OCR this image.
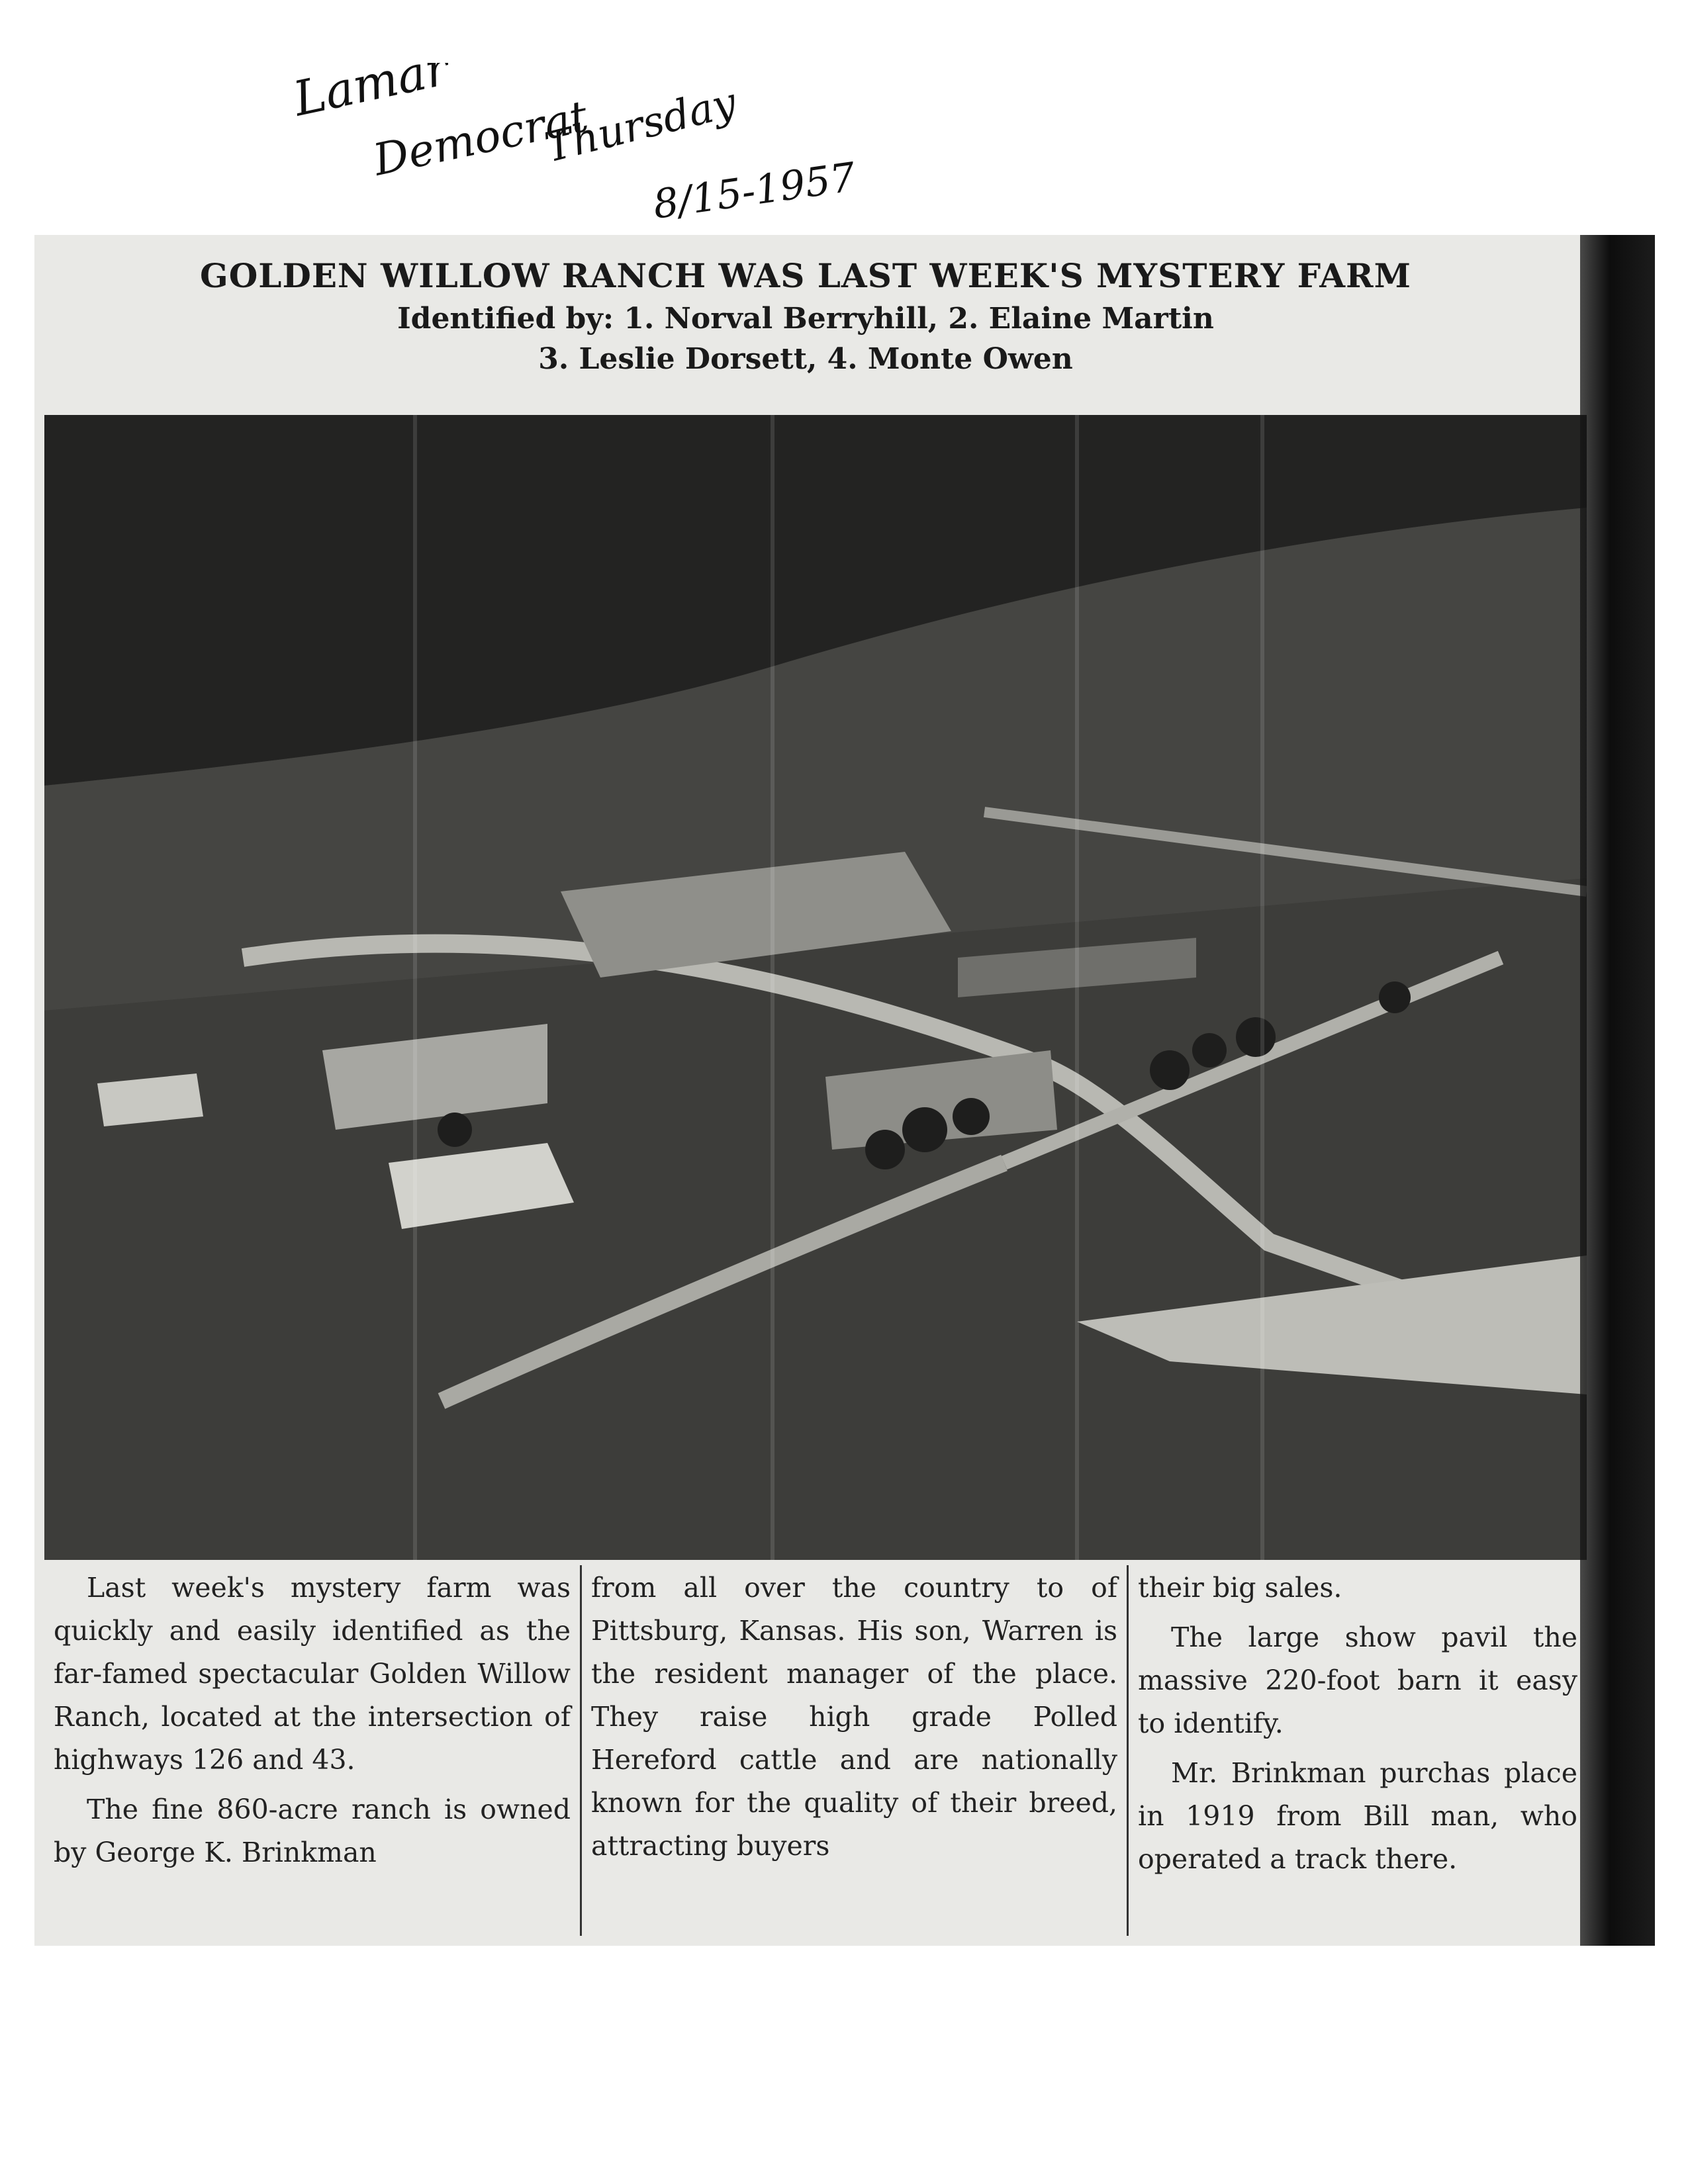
Lamar
Democrat
Thursday
8/15-1957
GOLDEN WILLOW RANCH WAS LAST WEEK'S MYSTERY FARM
Identified by: 1. Norval Berryhill, 2. Elaine Martin
3. Leslie Dorsett, 4. Monte Owen

Last week's mystery farm was quickly and easily identified as the far-famed spectacular Golden Willow Ranch, located at the intersection of highways 126 and 43.

The fine 860-acre ranch is owned by George K. Brinkman

from all over the country to of Pittsburg, Kansas. His son, Warren is the resident manager of the place. They raise high grade Polled Hereford cattle and are nationally known for the quality of their breed, attracting buyers

their big sales.

The large show pavil the massive 220-foot barn it easy to identify.

Mr. Brinkman purchas place in 1919 from Bill man, who operated a track there.
